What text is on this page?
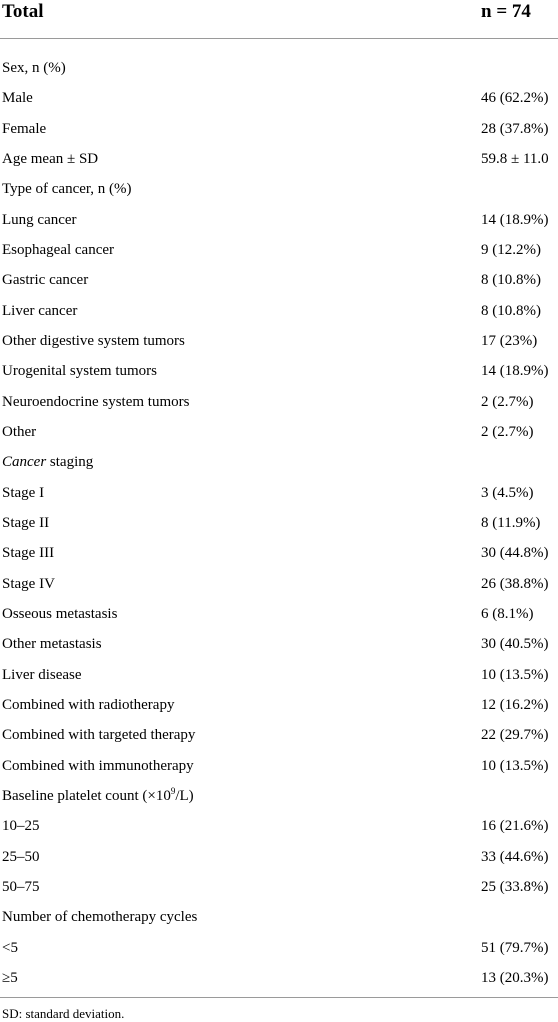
Total	n = 74
Sex, n (%)
Male	46 (62.2%)
Female	28 (37.8%)
Age mean ± SD	59.8 ± 11.0
Type of cancer, n (%)
Lung cancer	14 (18.9%)
Esophageal cancer	9 (12.2%)
Gastric cancer	8 (10.8%)
Liver cancer	8 (10.8%)
Other digestive system tumors	17 (23%)
Urogenital system tumors	14 (18.9%)
Neuroendocrine system tumors	2 (2.7%)
Other	2 (2.7%)
Cancer staging
Stage I	3 (4.5%)
Stage II	8 (11.9%)
Stage III	30 (44.8%)
Stage IV	26 (38.8%)
Osseous metastasis	6 (8.1%)
Other metastasis	30 (40.5%)
Liver disease	10 (13.5%)
Combined with radiotherapy	12 (16.2%)
Combined with targeted therapy	22 (29.7%)
Combined with immunotherapy	10 (13.5%)
Baseline platelet count $(\times 10^9/L)$
10–25	16 (21.6%)
25–50	33 (44.6%)
50–75	25 (33.8%)
Number of chemotherapy cycles
<5	51 (79.7%)
≥5	13 (20.3%)
SD: standard deviation.
